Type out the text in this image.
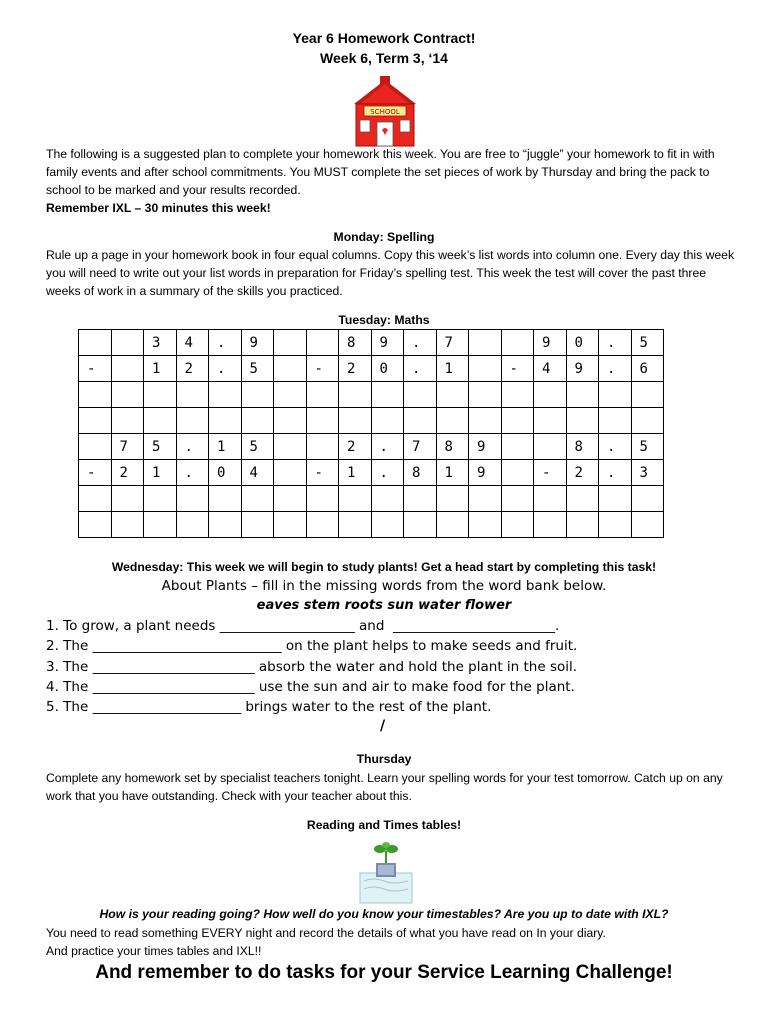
Year 6 Homework Contract!
Week 6, Term 3, ‘14
SCHOOL
The following is a suggested plan to complete your homework this week. You are free to “juggle” your homework to fit in with family events and after school commitments. You MUST complete the set pieces of work by Thursday and bring the pack to school to be marked and your results recorded.
Remember IXL – 30 minutes this week!
Monday: Spelling
Rule up a page in your homework book in four equal columns. Copy this week’s list words into column one. Every day this week you will need to write out your list words in preparation for Friday’s spelling test. This week the test will cover the past three weeks of work in a summary of the skills you practiced.
Tuesday: Maths
		3	4	.	9			8	9	.	7			9	0	.	5
-		1	2	.	5		-	2	0	.	1		-	4	9	.	6

	7	5	.	1	5			2	.	7	8	9			8	.	5
-	2	1	.	0	4		-	1	.	8	1	9		-	2	.	3

Wednesday: This week we will begin to study plants! Get a head start by completing this task!
About Plants – fill in the missing words from the word bank below.
eaves stem roots sun water flower
1. To grow, a plant needs ____________________ and  ________________________.
2. The ____________________________ on the plant helps to make seeds and fruit.
3. The ________________________ absorb the water and hold the plant in the soil.
4. The ________________________ use the sun and air to make food for the plant.
5. The ______________________ brings water to the rest of the plant.
/
Thursday
Complete any homework set by specialist teachers tonight. Learn your spelling words for your test tomorrow. Catch up on any work that you have outstanding. Check with your teacher about this.
Reading and Times tables!
How is your reading going? How well do you know your timestables? Are you up to date with IXL?
You need to read something EVERY night and record the details of what you have read on In your diary.
And practice your times tables and IXL!!
And remember to do tasks for your Service Learning Challenge!
